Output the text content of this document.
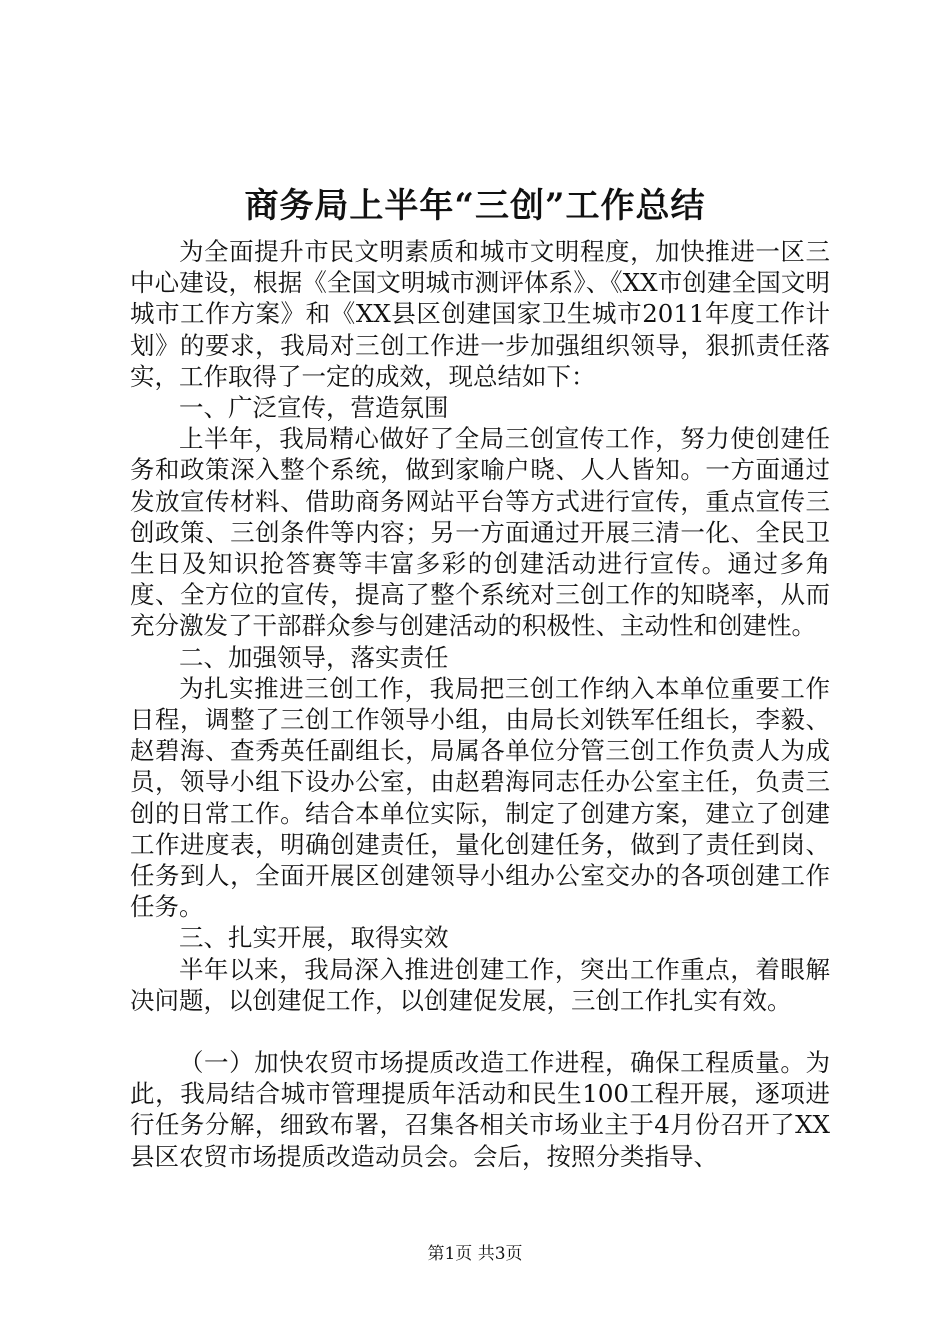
商务局上半年“三创”工作总结

为全面提升市民文明素质和城市文明程度，加快推进一区三中心建设，根据《全国文明城市测评体系》、《XX市创建全国文明城市工作方案》和《XX县区创建国家卫生城市2011年度工作计划》的要求，我局对三创工作进一步加强组织领导，狠抓责任落实，工作取得了一定的成效，现总结如下：

一、广泛宣传，营造氛围

上半年，我局精心做好了全局三创宣传工作，努力使创建任务和政策深入整个系统，做到家喻户晓、人人皆知。一方面通过发放宣传材料、借助商务网站平台等方式进行宣传，重点宣传三创政策、三创条件等内容；另一方面通过开展三清一化、全民卫生日及知识抢答赛等丰富多彩的创建活动进行宣传。通过多角度、全方位的宣传，提高了整个系统对三创工作的知晓率，从而充分激发了干部群众参与创建活动的积极性、主动性和创建性。

二、加强领导，落实责任

为扎实推进三创工作，我局把三创工作纳入本单位重要工作日程，调整了三创工作领导小组，由局长刘铁军任组长，李毅、赵碧海、查秀英任副组长，局属各单位分管三创工作负责人为成员，领导小组下设办公室，由赵碧海同志任办公室主任，负责三创的日常工作。结合本单位实际，制定了创建方案，建立了创建工作进度表，明确创建责任，量化创建任务，做到了责任到岗、任务到人，全面开展区创建领导小组办公室交办的各项创建工作任务。

三、扎实开展，取得实效

半年以来，我局深入推进创建工作，突出工作重点，着眼解决问题，以创建促工作，以创建促发展，三创工作扎实有效。

（一）加快农贸市场提质改造工作进程，确保工程质量。为此，我局结合城市管理提质年活动和民生100工程开展，逐项进行任务分解，细致布署，召集各相关市场业主于4月份召开了XX县区农贸市场提质改造动员会。会后，按照分类指导、

第1页 共3页
